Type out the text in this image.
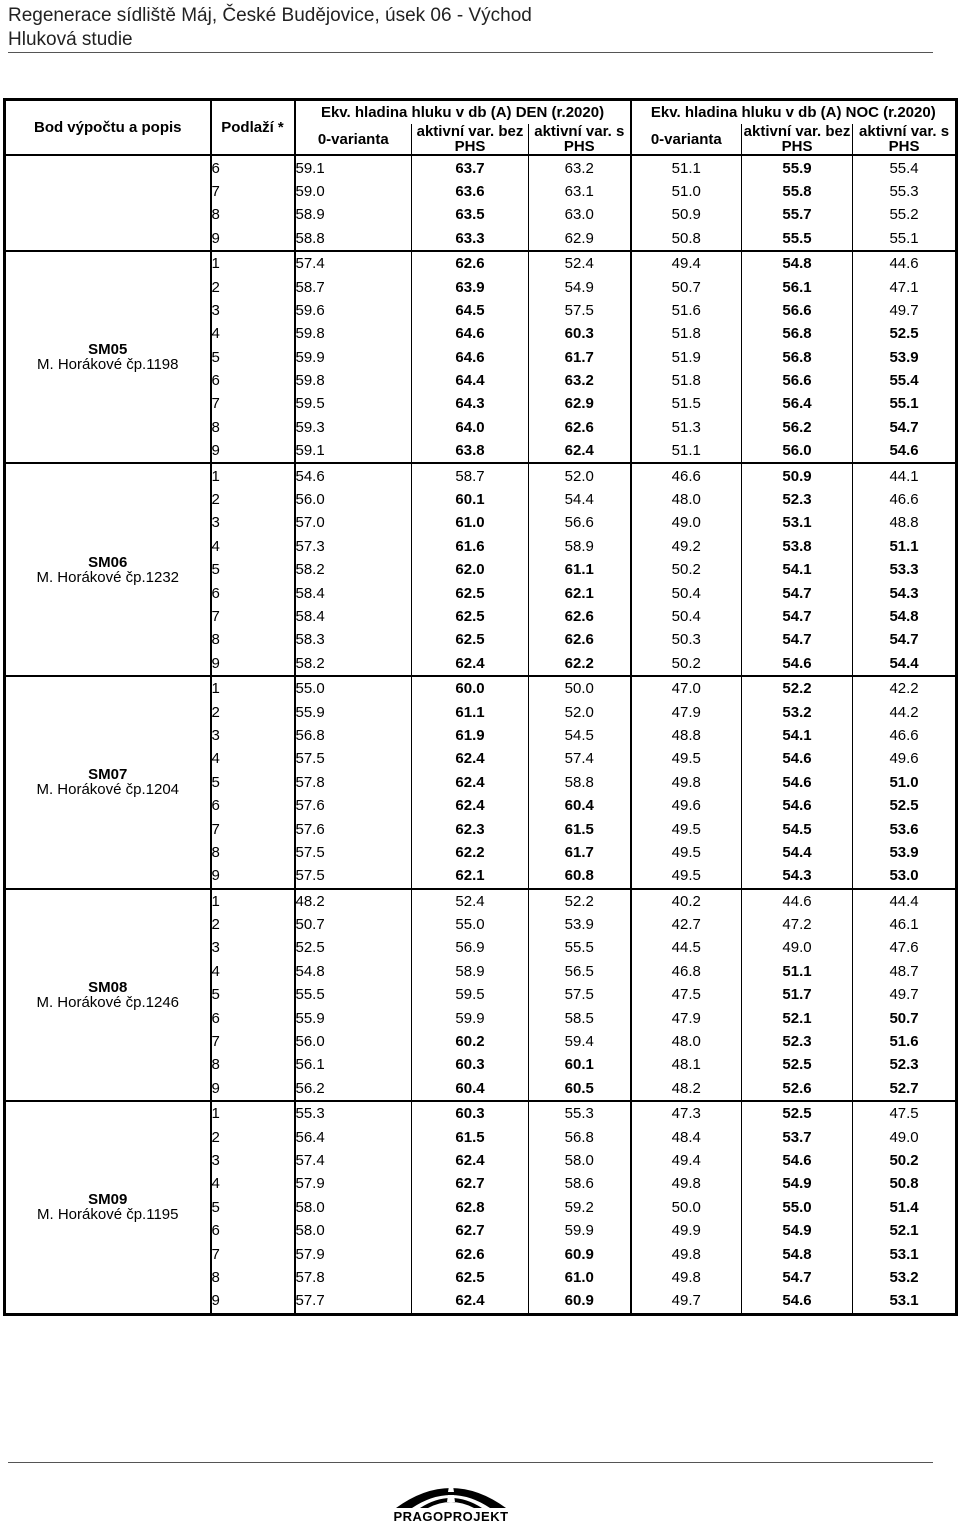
Regenerace sídliště Máj, České Budějovice, úsek 06 - Východ
Hluková studie
Bod výpočtu a popis	Podlaží *	Ekv. hladina hluku v db (A) DEN (r.2020)			Ekv. hladina hluku v db (A) NOC (r.2020)		
		0-varianta	aktivní var. bez PHS	aktivní var. s PHS	0-varianta	aktivní var. bez PHS	aktivní var. s PHS
	6	59.1	63.7	63.2	51.1	55.9	55.4
	7	59.0	63.6	63.1	51.0	55.8	55.3
	8	58.9	63.5	63.0	50.9	55.7	55.2
	9	58.8	63.3	62.9	50.8	55.5	55.1

SM05
M. Horákové čp.1198	1	57.4	62.6	52.4	49.4	54.8	44.6
	2	58.7	63.9	54.9	50.7	56.1	47.1
	3	59.6	64.5	57.5	51.6	56.6	49.7
	4	59.8	64.6	60.3	51.8	56.8	52.5
	5	59.9	64.6	61.7	51.9	56.8	53.9
	6	59.8	64.4	63.2	51.8	56.6	55.4
	7	59.5	64.3	62.9	51.5	56.4	55.1
	8	59.3	64.0	62.6	51.3	56.2	54.7
	9	59.1	63.8	62.4	51.1	56.0	54.6

SM06
M. Horákové čp.1232	1	54.6	58.7	52.0	46.6	50.9	44.1
	2	56.0	60.1	54.4	48.0	52.3	46.6
	3	57.0	61.0	56.6	49.0	53.1	48.8
	4	57.3	61.6	58.9	49.2	53.8	51.1
	5	58.2	62.0	61.1	50.2	54.1	53.3
	6	58.4	62.5	62.1	50.4	54.7	54.3
	7	58.4	62.5	62.6	50.4	54.7	54.8
	8	58.3	62.5	62.6	50.3	54.7	54.7
	9	58.2	62.4	62.2	50.2	54.6	54.4

SM07
M. Horákové čp.1204	1	55.0	60.0	50.0	47.0	52.2	42.2
	2	55.9	61.1	52.0	47.9	53.2	44.2
	3	56.8	61.9	54.5	48.8	54.1	46.6
	4	57.5	62.4	57.4	49.5	54.6	49.6
	5	57.8	62.4	58.8	49.8	54.6	51.0
	6	57.6	62.4	60.4	49.6	54.6	52.5
	7	57.6	62.3	61.5	49.5	54.5	53.6
	8	57.5	62.2	61.7	49.5	54.4	53.9
	9	57.5	62.1	60.8	49.5	54.3	53.0

SM08
M. Horákové čp.1246	1	48.2	52.4	52.2	40.2	44.6	44.4
	2	50.7	55.0	53.9	42.7	47.2	46.1
	3	52.5	56.9	55.5	44.5	49.0	47.6
	4	54.8	58.9	56.5	46.8	51.1	48.7
	5	55.5	59.5	57.5	47.5	51.7	49.7
	6	55.9	59.9	58.5	47.9	52.1	50.7
	7	56.0	60.2	59.4	48.0	52.3	51.6
	8	56.1	60.3	60.1	48.1	52.5	52.3
	9	56.2	60.4	60.5	48.2	52.6	52.7

SM09
M. Horákové čp.1195	1	55.3	60.3	55.3	47.3	52.5	47.5
	2	56.4	61.5	56.8	48.4	53.7	49.0
	3	57.4	62.4	58.0	49.4	54.6	50.2
	4	57.9	62.7	58.6	49.8	54.9	50.8
	5	58.0	62.8	59.2	50.0	55.0	51.4
	6	58.0	62.7	59.9	49.9	54.9	52.1
	7	57.9	62.6	60.9	49.8	54.8	53.1
	8	57.8	62.5	61.0	49.8	54.7	53.2
	9	57.7	62.4	60.9	49.7	54.6	53.1
PRAGOPROJEKT
